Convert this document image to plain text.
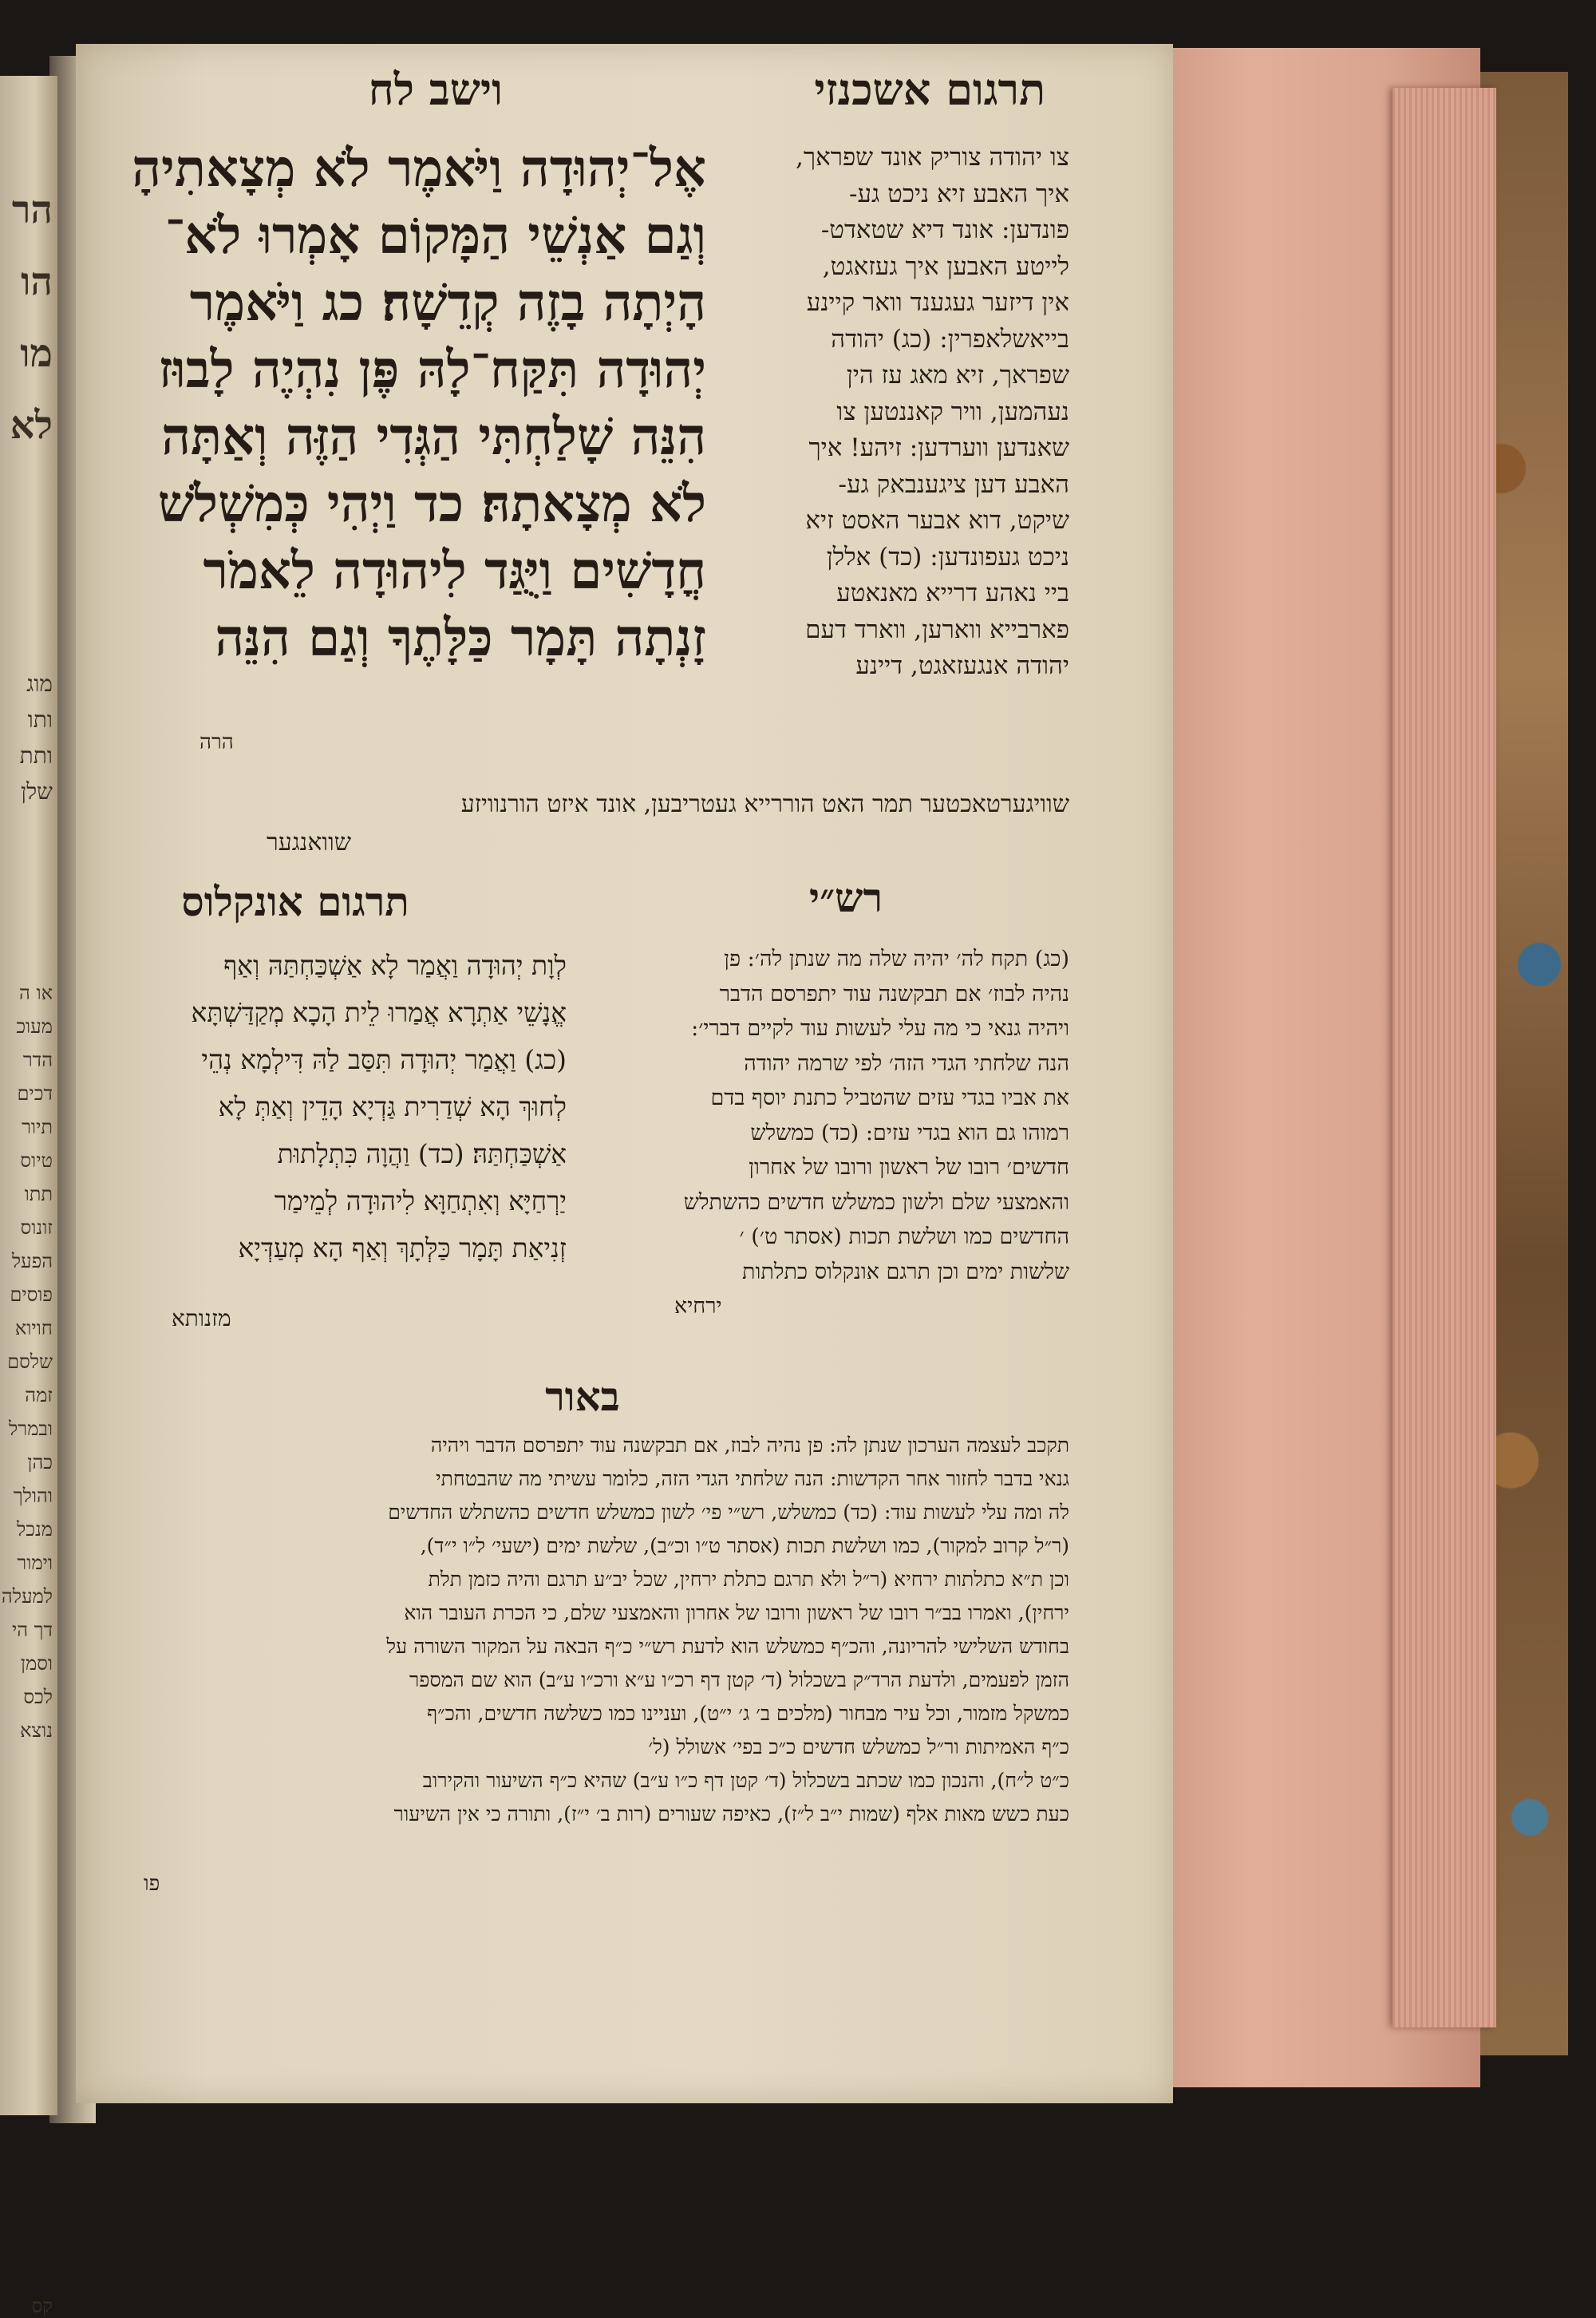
הר
הו
מו
לא
מוג
ותו
ותת
שלן
או ה
מעוכ
הדר
דכים
תיור
טיוס
תתו
זונוס
הפעל
פוסים
חויוא
שלסם
זמה
ובמרל
כהן
והולך
מנכל
וימור
למעלה
דך הי
וסמן
לכס
נוצא
קס
וישב לח	תרגום אשכנזי
אֶל־יְהוּדָה וַיֹּאמֶר לֹא מְצָאתִיהָ
וְגַם אַנְשֵׁי הַמָּקוֹם אָמְרוּ לֹא־
הָיְתָה בָזֶה קְדֵשָׁה׃ כג וַיֹּאמֶר
יְהוּדָה תִּקַּח־לָהּ פֶּן נִהְיֶה לָבוּז
הִנֵּה שָׁלַחְתִּי הַגְּדִי הַזֶּה וְאַתָּה
לֹא מְצָאתָהּ׃ כד וַיְהִי כְּמִשְׁלֹשׁ
חֳדָשִׁים וַיֻּגַּד לִיהוּדָה לֵאמֹר
זָנְתָה תָּמָר כַּלָּתֶךָ וְגַם הִנֵּה
הרה
צו יהודה צוריק אונד שפראך,
איך האבע זיא ניכט גע-
פונדען: אונד דיא שטאדט-
לייטע האבען איך געזאגט,
אין דיזער געגענד וואר קיינע
בייאשלאפרין: (כג) יהודה
שפראך, זיא מאג עז הין
נעהמען, וויר קאננטען צו
שאנדען ווערדען: זיהע! איך
האבע דען ציגענבאק גע-
שיקט, דוא אבער האסט זיא
ניכט געפונדען: (כד) אללן
ביי נאהע דרייא מאנאטע
פארבייא ווארען, ווארד דעם
יהודה אנגעזאגט, דיינע
שוויגערטאכטער תמר האט הוררייא געטריבען, אונד איזט הורנוויזע
שוואנגער
תרגום אונקלוס
לְוָת יְהוּדָה וַאֲמַר לָא אַשְׁכַּחְתַּהּ וְאַף
אֱנָשֵׁי אַתְרָא אֲמַרוּ לֵית הָכָא מְקַדַּשְׁתָּא
(כג) וַאֲמַר יְהוּדָה תִּסַּב לַהּ דִּילְמָא נְהֵי
לְחוּךְ הָא שְׁדַרִית גַּדְיָא הָדֵין וְאַתְּ לָא
אַשְׁכַּחְתַּהּ׃ (כד) וַהֲוָה כִּתְלָתוּת
יַרְחַיָּא וְאִתְחַוָּא לִיהוּדָה לְמֵימַר
זְנִיאַת תָּמָר כַּלְּתָךְ וְאַף הָא מְעַדְּיָא
מזנותא
רש״י
(כג) תקח לה׳ יהיה שלה מה שנתן לה׳: פן
נהיה לבוז׳ אם תבקשנה עוד יתפרסם הדבר
ויהיה גנאי כי מה עלי לעשות עוד לקיים דברי׳:
הנה שלחתי הגדי הזה׳ לפי שרמה יהודה
את אביו בגדי עזים שהטביל כתנת יוסף בדם
רמוהו גם הוא בגדי עזים: (כד) כמשלש
חדשים׳ רובו של ראשון ורובו של אחרון
והאמצעי שלם ולשון כמשלש חדשים כהשתלש
החדשים כמו ושלשת תכות (אסתר ט׳) ׳
שלשות ימים וכן תרגם אונקלוס כתלתות
ירחיא
באור
תקכב לעצמה הערכון שנתן לה: פן נהיה לבוז, אם תבקשנה עוד יתפרסם הדבר ויהיה
גנאי בדבר לחזור אחר הקדשות: הנה שלחתי הגדי הזה, כלומר עשיתי מה שהבטחתי
לה ומה עלי לעשות עוד: (כד) כמשלש, רש״י פי׳ לשון כמשלש חדשים כהשתלש החדשים
(ר״ל קרוב למקור), כמו ושלשת תכות (אסתר ט״ו וכ״ב), שלשת ימים (ישעי׳ ל״ו י״ד),
וכן ת״א כתלתות ירחיא (ר״ל ולא תרגם כתלת ירחין, שכל יב״ע תרגם והיה כזמן תלת
ירחין), ואמרו בב״ר רובו של ראשון ורובו של אחרון והאמצעי שלם, כי הכרת העובר הוא
בחודש השלישי להריונה, והכ״ף כמשלש הוא לדעת רש״י כ״ף הבאה על המקור השורה על
הזמן לפעמים, ולדעת הרד״ק בשכלול (ד׳ קטן דף רכ״ו ע״א ורכ״ו ע״ב) הוא שם המספר
כמשקל מזמור, וכל עיר מבחור (מלכים ב׳ ג׳ י״ט), ועניינו כמו כשלשה חדשים, והכ״ף
כ״ף האמיתות ור״ל כמשלש חדשים כ״כ בפי׳ אשולל (ל׳
כ״ט ל״ח), והנכון כמו שכתב בשכלול (ד׳ קטן דף כ״ו ע״ב) שהיא כ״ף השיעור והקירוב
כעת כשש מאות אלף (שמות י״ב ל״ז), כאיפה שעורים (רות ב׳ י״ז), ותורה כי אין השיעור
פו
